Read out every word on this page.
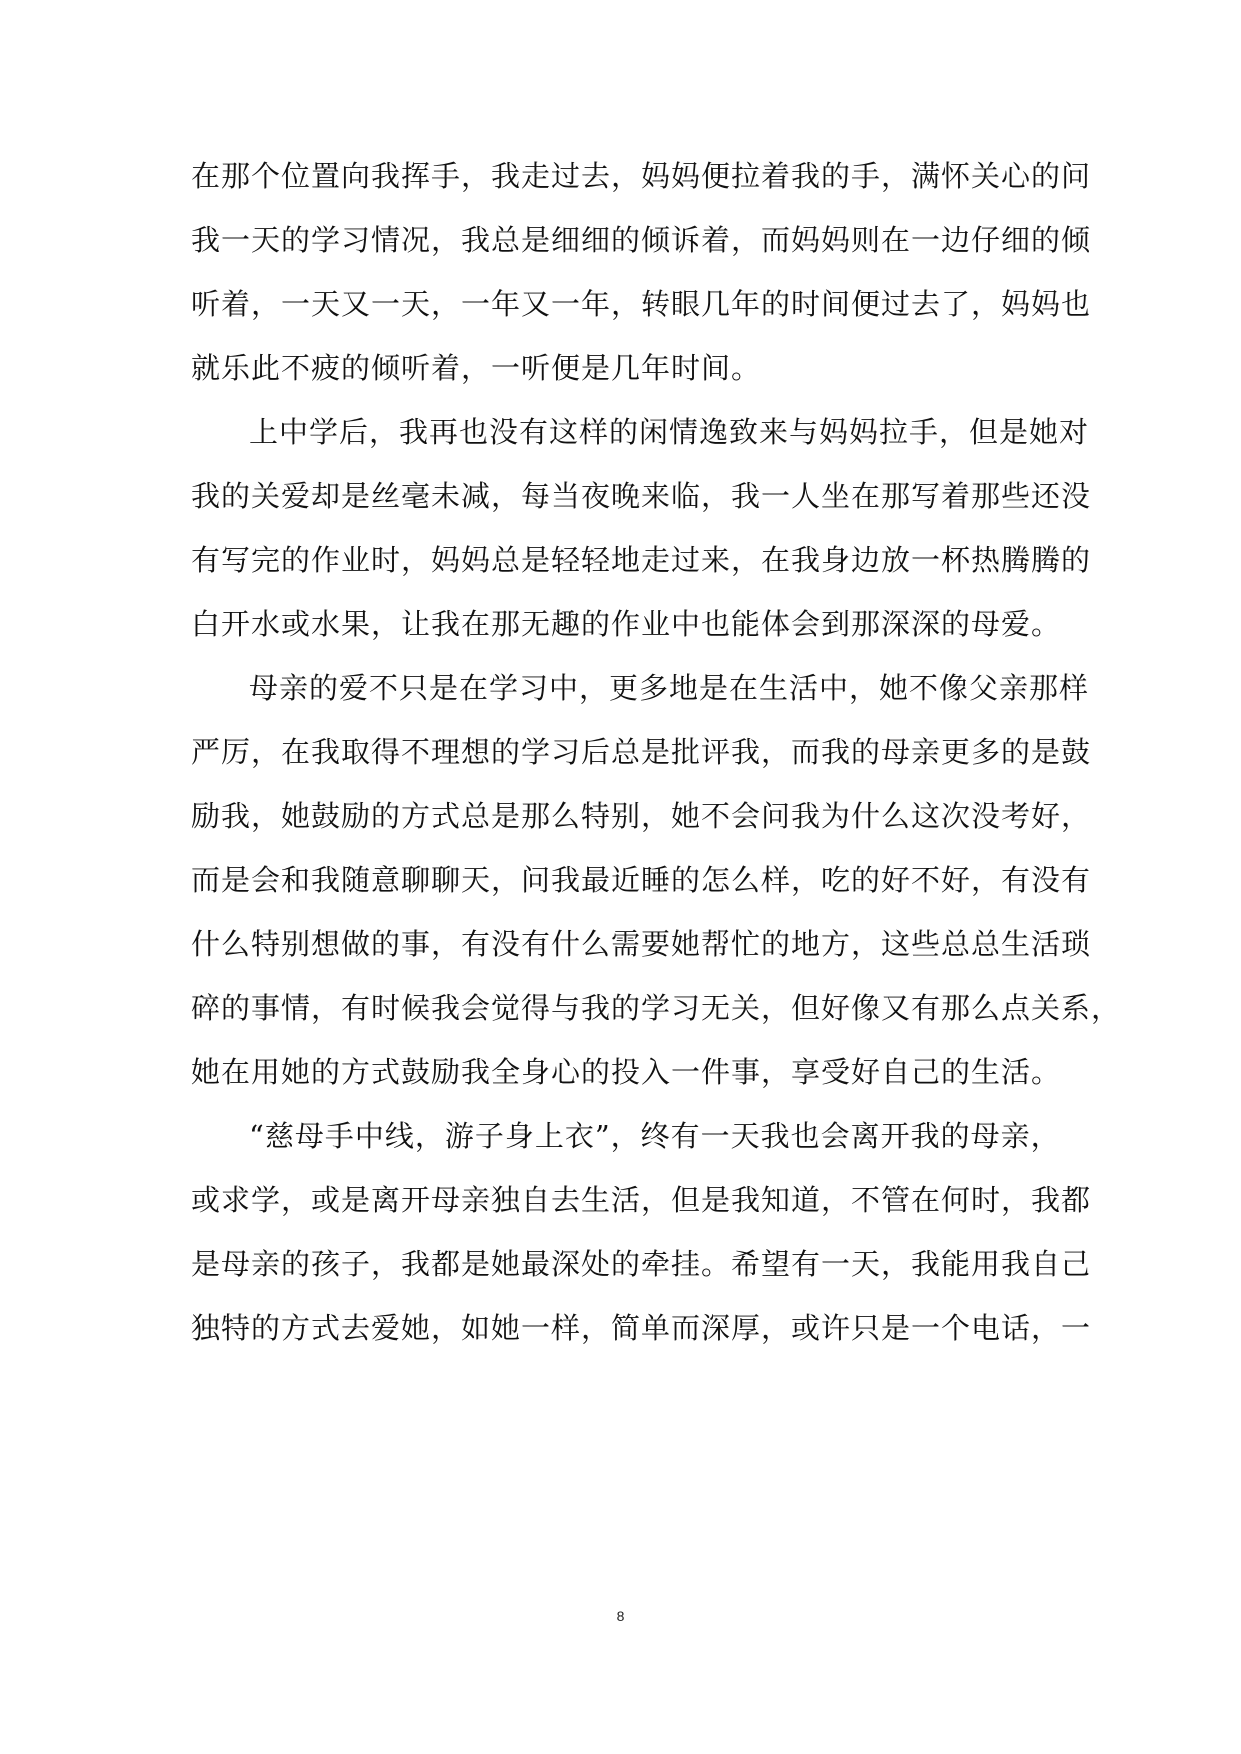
在那个位置向我挥手，我走过去，妈妈便拉着我的手，满怀关心的问
我一天的学习情况，我总是细细的倾诉着，而妈妈则在一边仔细的倾
听着，一天又一天，一年又一年，转眼几年的时间便过去了，妈妈也
就乐此不疲的倾听着，一听便是几年时间。
上中学后，我再也没有这样的闲情逸致来与妈妈拉手，但是她对
我的关爱却是丝毫未减，每当夜晚来临，我一人坐在那写着那些还没
有写完的作业时，妈妈总是轻轻地走过来，在我身边放一杯热腾腾的
白开水或水果，让我在那无趣的作业中也能体会到那深深的母爱。
母亲的爱不只是在学习中，更多地是在生活中，她不像父亲那样
严厉，在我取得不理想的学习后总是批评我，而我的母亲更多的是鼓
励我，她鼓励的方式总是那么特别，她不会问我为什么这次没考好，
而是会和我随意聊聊天，问我最近睡的怎么样，吃的好不好，有没有
什么特别想做的事，有没有什么需要她帮忙的地方，这些总总生活琐
碎的事情，有时候我会觉得与我的学习无关，但好像又有那么点关系，
她在用她的方式鼓励我全身心的投入一件事，享受好自己的生活。
“慈母手中线，游子身上衣”，终有一天我也会离开我的母亲，
或求学，或是离开母亲独自去生活，但是我知道，不管在何时，我都
是母亲的孩子，我都是她最深处的牵挂。希望有一天，我能用我自己
独特的方式去爱她，如她一样，简单而深厚，或许只是一个电话，一
8
